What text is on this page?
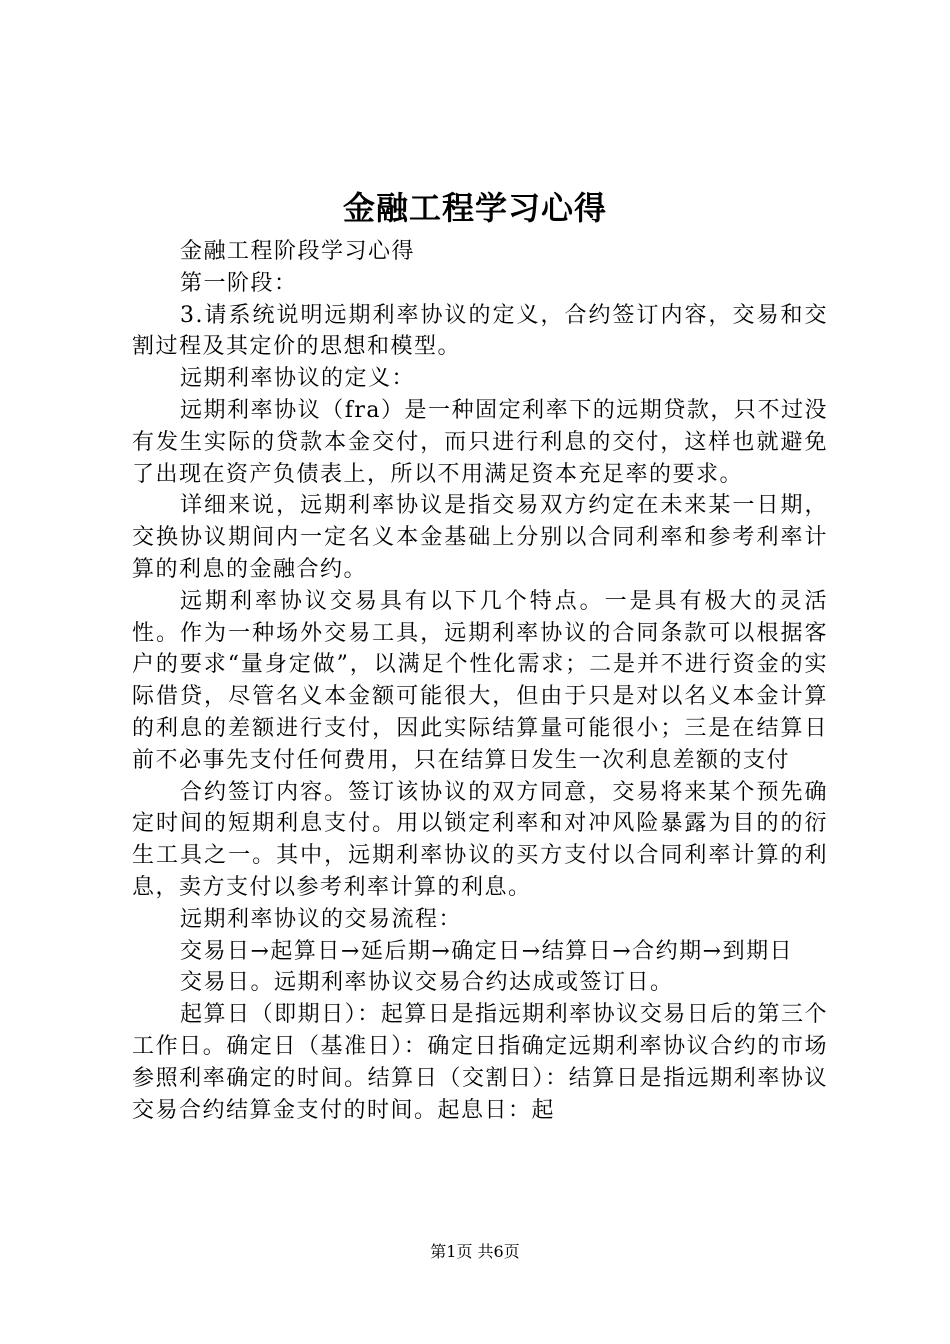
金融工程学习心得

金融工程阶段学习心得

第一阶段：

3.请系统说明远期利率协议的定义，合约签订内容，交易和交割过程及其定价的思想和模型。

远期利率协议的定义：

远期利率协议（fra）是一种固定利率下的远期贷款，只不过没有发生实际的贷款本金交付，而只进行利息的交付，这样也就避免了出现在资产负债表上，所以不用满足资本充足率的要求。

详细来说，远期利率协议是指交易双方约定在未来某一日期，交换协议期间内一定名义本金基础上分别以合同利率和参考利率计算的利息的金融合约。

远期利率协议交易具有以下几个特点。一是具有极大的灵活性。作为一种场外交易工具，远期利率协议的合同条款可以根据客户的要求“量身定做”，以满足个性化需求；二是并不进行资金的实际借贷，尽管名义本金额可能很大，但由于只是对以名义本金计算的利息的差额进行支付，因此实际结算量可能很小；三是在结算日前不必事先支付任何费用，只在结算日发生一次利息差额的支付

合约签订内容。签订该协议的双方同意，交易将来某个预先确定时间的短期利息支付。用以锁定利率和对冲风险暴露为目的的衍生工具之一。其中，远期利率协议的买方支付以合同利率计算的利息，卖方支付以参考利率计算的利息。

远期利率协议的交易流程：

交易日→起算日→延后期→确定日→结算日→合约期→到期日

交易日。远期利率协议交易合约达成或签订日。

起算日（即期日）：起算日是指远期利率协议交易日后的第三个工作日。确定日（基准日）：确定日指确定远期利率协议合约的市场参照利率确定的时间。结算日（交割日）：结算日是指远期利率协议交易合约结算金支付的时间。起息日：起

第1页 共6页
